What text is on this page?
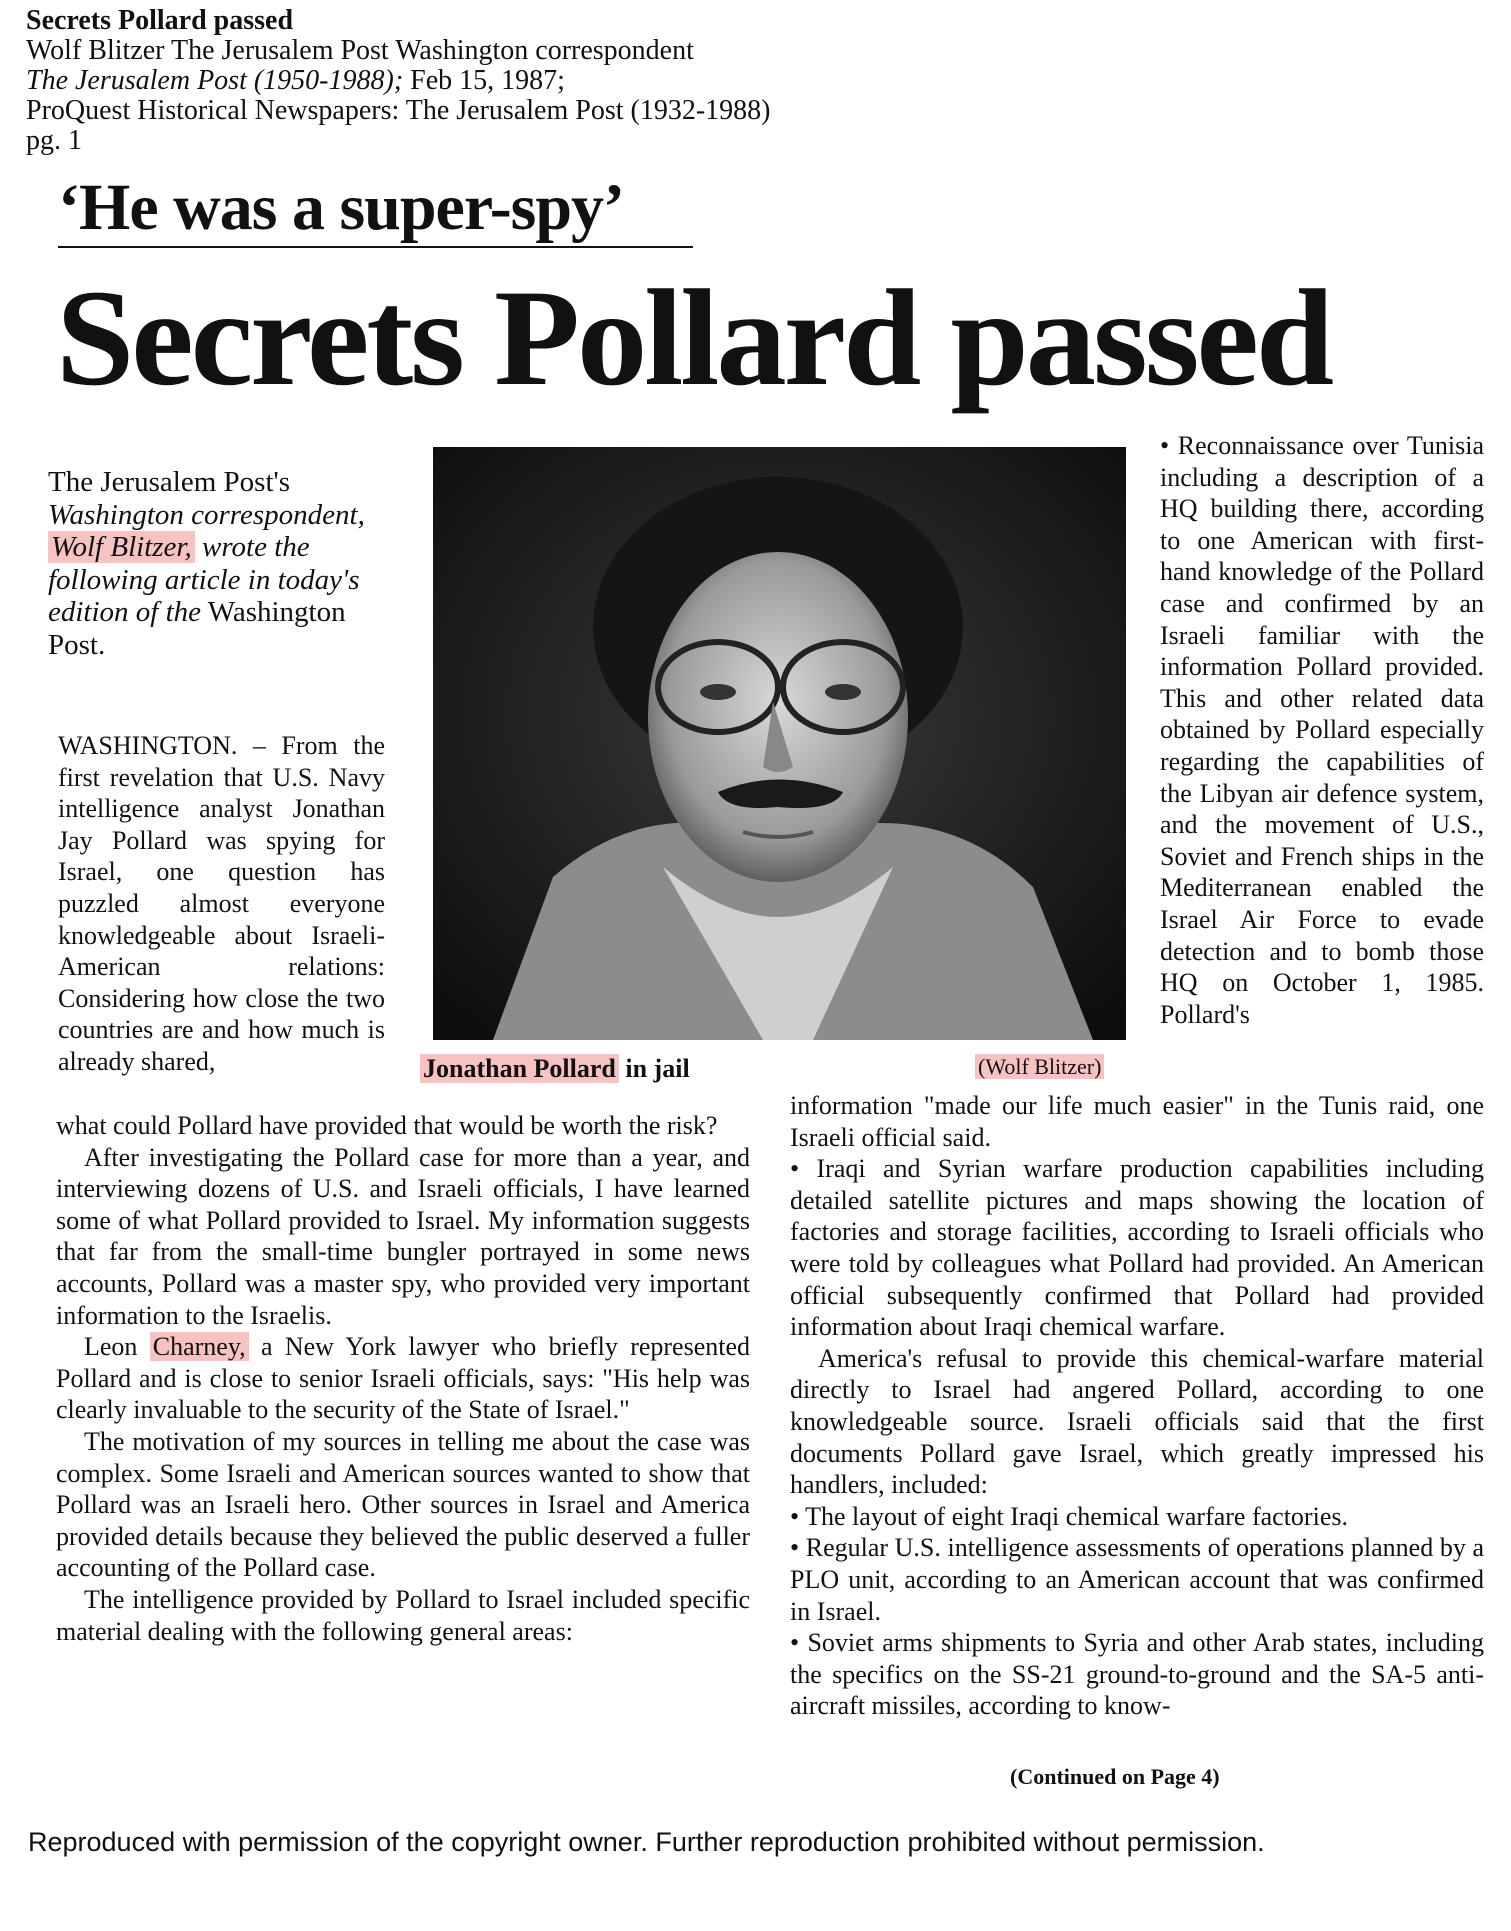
Secrets Pollard passed
Wolf Blitzer The Jerusalem Post Washington correspondent
The Jerusalem Post (1950-1988); Feb 15, 1987;
ProQuest Historical Newspapers: The Jerusalem Post (1932-1988)
pg. 1
‘He was a super-spy’
Secrets Pollard passed
The Jerusalem Post's Washington correspondent, Wolf Blitzer, wrote the following article in today's edition of the Washington Post.
Jonathan Pollard in jail	(Wolf Blitzer)

WASHINGTON. – From the first revelation that U.S. Navy intelligence analyst Jonathan Jay Pollard was spying for Israel, one question has puzzled almost everyone knowledgeable about Israeli-American relations: Considering how close the two countries are and how much is already shared,

what could Pollard have provided that would be worth the risk?

After investigating the Pollard case for more than a year, and interviewing dozens of U.S. and Israeli officials, I have learned some of what Pollard provided to Israel. My information suggests that far from the small-time bungler portrayed in some news accounts, Pollard was a master spy, who provided very important information to the Israelis.

Leon Charney, a New York lawyer who briefly represented Pollard and is close to senior Israeli officials, says: "His help was clearly invaluable to the security of the State of Israel."

The motivation of my sources in telling me about the case was complex. Some Israeli and American sources wanted to show that Pollard was an Israeli hero. Other sources in Israel and America provided details because they believed the public deserved a fuller accounting of the Pollard case.

The intelligence provided by Pollard to Israel included specific material dealing with the following general areas:

• Reconnaissance over Tunisia including a description of a HQ building there, according to one American with first-hand knowledge of the Pollard case and confirmed by an Israeli familiar with the information Pollard provided. This and other related data obtained by Pollard especially regarding the capabilities of the Libyan air defence system, and the movement of U.S., Soviet and French ships in the Mediterranean enabled the Israel Air Force to evade detection and to bomb those HQ on October 1, 1985. Pollard's

information "made our life much easier" in the Tunis raid, one Israeli official said.

• Iraqi and Syrian warfare production capabilities including detailed satellite pictures and maps showing the location of factories and storage facilities, according to Israeli officials who were told by colleagues what Pollard had provided. An American official subsequently confirmed that Pollard had provided information about Iraqi chemical warfare.

America's refusal to provide this chemical-warfare material directly to Israel had angered Pollard, according to one knowledgeable source. Israeli officials said that the first documents Pollard gave Israel, which greatly impressed his handlers, included:

• The layout of eight Iraqi chemical warfare factories.

• Regular U.S. intelligence assessments of operations planned by a PLO unit, according to an American account that was confirmed in Israel.

• Soviet arms shipments to Syria and other Arab states, including the specifics on the SS-21 ground-to-ground and the SA-5 anti-aircraft missiles, according to know-

(Continued on Page 4)
Reproduced with permission of the copyright owner. Further reproduction prohibited without permission.
